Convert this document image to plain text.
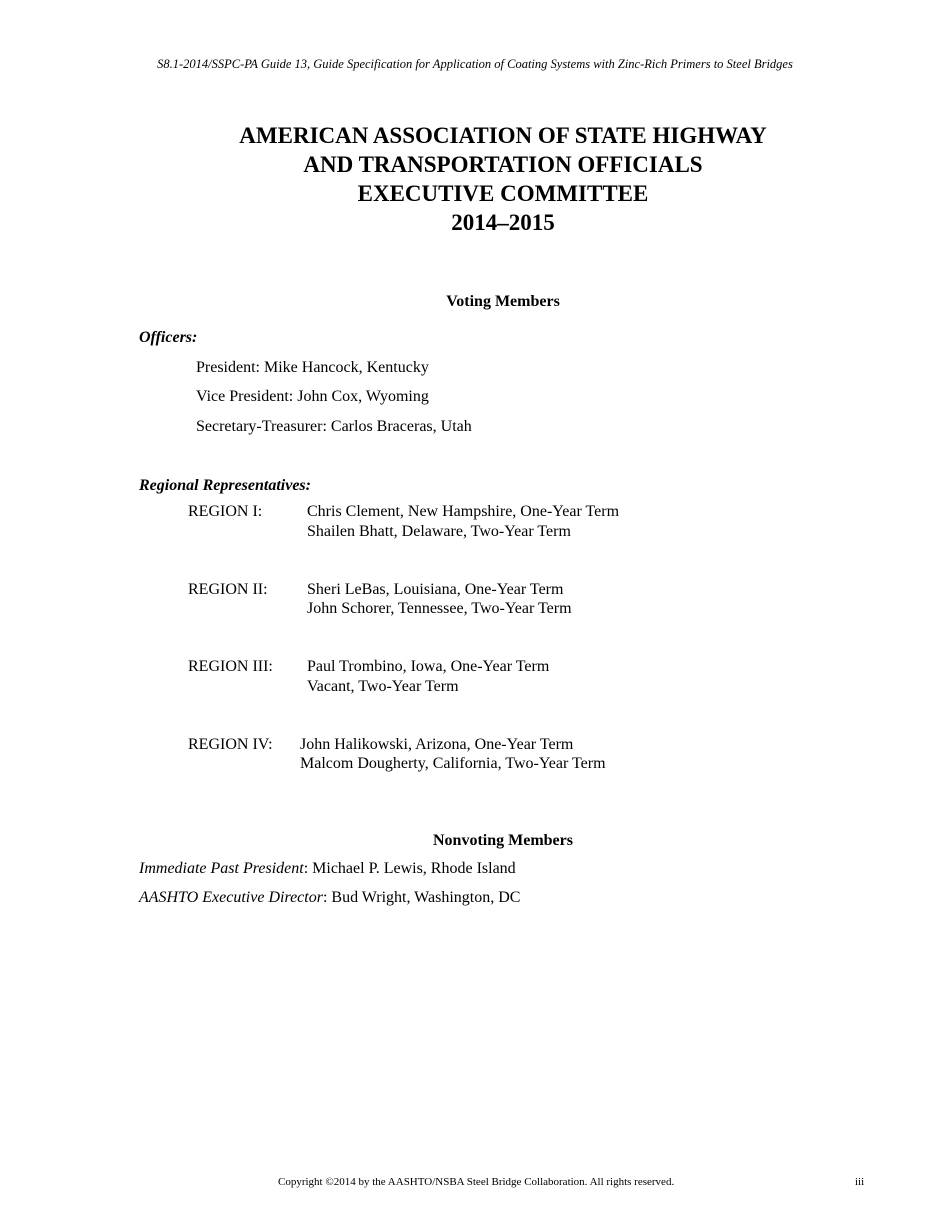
S8.1-2014/SSPC-PA Guide 13, Guide Specification for Application of Coating Systems with Zinc-Rich Primers to Steel Bridges
AMERICAN ASSOCIATION OF STATE HIGHWAY
AND TRANSPORTATION OFFICIALS
EXECUTIVE COMMITTEE
2014–2015
Voting Members
Officers:
President: Mike Hancock, Kentucky
Vice President: John Cox, Wyoming
Secretary-Treasurer: Carlos Braceras, Utah
Regional Representatives:
REGION I:	Chris Clement, New Hampshire, One-Year Term
Shailen Bhatt, Delaware, Two-Year Term
REGION II: Sheri LeBas, Louisiana, One-Year Term
John Schorer, Tennessee, Two-Year Term
REGION III: Paul Trombino, Iowa, One-Year Term
Vacant, Two-Year Term
REGION IV: John Halikowski, Arizona, One-Year Term
Malcom Dougherty, California, Two-Year Term
Nonvoting Members
Immediate Past President: Michael P. Lewis, Rhode Island
AASHTO Executive Director: Bud Wright, Washington, DC
Copyright ©2014 by the AASHTO/NSBA Steel Bridge Collaboration. All rights reserved.	iii
